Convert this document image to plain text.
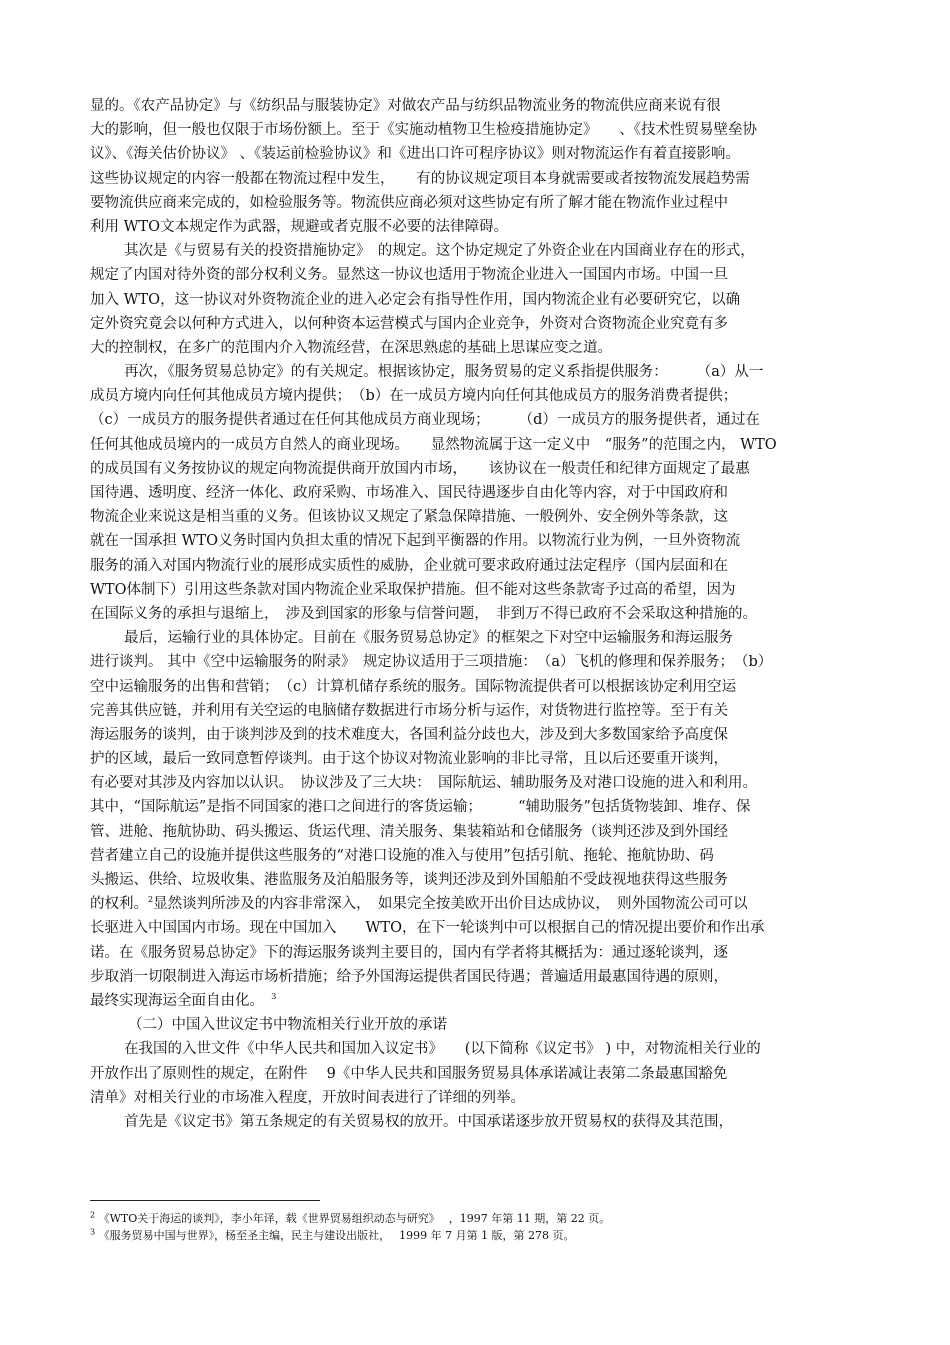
显的。《农产品协定》与《纺织品与服装协定》对做农产品与纺织品物流业务的物流供应商来说有很
大的影响，但一般也仅限于市场份额上。至于《实施动植物卫生检疫措施协定》　　、《技术性贸易壁垒协
议》、《海关估价协议》 、《装运前检验协议》和《进出口许可程序协议》则对物流运作有着直接影响。
这些协议规定的内容一般都在物流过程中发生，　　有的协议规定项目本身就需要或者按物流发展趋势需
要物流供应商来完成的，如检验服务等。物流供应商必须对这些协定有所了解才能在物流作业过程中
利用 WTO文本规定作为武器，规避或者克服不必要的法律障碍。
其次是《与贸易有关的投资措施协定》　的规定。这个协定规定了外资企业在内国商业存在的形式，
规定了内国对待外资的部分权利义务。显然这一协议也适用于物流企业进入一国国内市场。中国一旦
加入 WTO，这一协议对外资物流企业的进入必定会有指导性作用，国内物流企业有必要研究它，以确
定外资究竟会以何种方式进入，以何种资本运营模式与国内企业竞争，外资对合资物流企业究竟有多
大的控制权，在多广的范围内介入物流经营，在深思熟虑的基础上思谋应变之道。
再次，《服务贸易总协定》的有关规定。根据该协定，服务贸易的定义系指提供服务：　　　（a）从一
成员方境内向任何其他成员方境内提供；　（b）在一成员方境内向任何其他成员方的服务消费者提供；
（c）一成员方的服务提供者通过在任何其他成员方商业现场；　　　（d）一成员方的服务提供者，通过在
任何其他成员境内的一成员方自然人的商业现场。　　显然物流属于这一定义中　“服务”的范围之内， WTO
的成员国有义务按协议的规定向物流提供商开放国内市场，　　该协议在一般责任和纪律方面规定了最惠
国待遇、透明度、经济一体化、政府采购、市场准入、国民待遇逐步自由化等内容，对于中国政府和
物流企业来说这是相当重的义务。但该协议又规定了紧急保障措施、一般例外、安全例外等条款，这
就在一国承担 WTO义务时国内负担太重的情况下起到平衡器的作用。以物流行业为例，一旦外资物流
服务的涌入对国内物流行业的展形成实质性的威胁，企业就可要求政府通过法定程序（国内层面和在
WTO体制下）引用这些条款对国内物流企业采取保护措施。但不能对这些条款寄予过高的希望，因为
在国际义务的承担与退缩上，　涉及到国家的形象与信誉问题，　非到万不得已政府不会采取这种措施的。
最后，运输行业的具体协定。目前在《服务贸易总协定》的框架之下对空中运输服务和海运服务
进行谈判。 其中《空中运输服务的附录》　规定协议适用于三项措施：　（a）飞机的修理和保养服务；　（b）
空中运输服务的出售和营销；　（c）计算机储存系统的服务。国际物流提供者可以根据该协定利用空运
完善其供应链，并利用有关空运的电脑储存数据进行市场分析与运作，对货物进行监控等。至于有关
海运服务的谈判，由于谈判涉及到的技术难度大，各国利益分歧也大，涉及到大多数国家给予高度保
护的区域，最后一致同意暂停谈判。由于这个协议对物流业影响的非比寻常，且以后还要重开谈判，
有必要对其涉及内容加以认识。　协议涉及了三大块：　国际航运、辅助服务及对港口设施的进入和利用。
其中，“国际航运”是指不同国家的港口之间进行的客货运输；　　　“辅助服务”包括货物装卸、堆存、保
管、进舱、拖航协助、码头搬运、货运代理、清关服务、集装箱站和仓储服务（谈判还涉及到外国经
营者建立自己的设施并提供这些服务的“对港口设施的准入与使用”包括引航、拖轮、拖航协助、码
头搬运、供给、垃圾收集、港监服务及泊船服务等，谈判还涉及到外国船舶不受歧视地获得这些服务
的权利。$^2$显然谈判所涉及的内容非常深入，　如果完全按美欧开出价目达成协议，　则外国物流公司可以
长驱进入中国国内市场。现在中国加入　　WTO，在下一轮谈判中可以根据自己的情况提出要价和作出承
诺。在《服务贸易总协定》下的海运服务谈判主要目的，国内有学者将其概括为：通过逐轮谈判，逐
步取消一切限制进入海运市场析措施；给予外国海运提供者国民待遇；普遍适用最惠国待遇的原则，
最终实现海运全面自由化。　$^3$
（二）中国入世议定书中物流相关行业开放的承诺
在我国的入世文件《中华人民共和国加入议定书》　　(以下简称《议定书》 ) 中，对物流相关行业的
开放作出了原则性的规定，在附件　 9《中华人民共和国服务贸易具体承诺减让表第二条最惠国豁免
清单》对相关行业的市场准入程度，开放时间表进行了详细的列举。
首先是《议定书》第五条规定的有关贸易权的放开。中国承诺逐步放开贸易权的获得及其范围，
$^2$ 《WTO关于海运的谈判》，李小年译，载《世界贸易组织动态与研究》　 ，1997 年第 11 期，第 22 页。
$^3$ 《服务贸易中国与世界》，杨至圣主编，民主与建设出版社，　 1999 年 7 月第 1 版，第 278 页。
